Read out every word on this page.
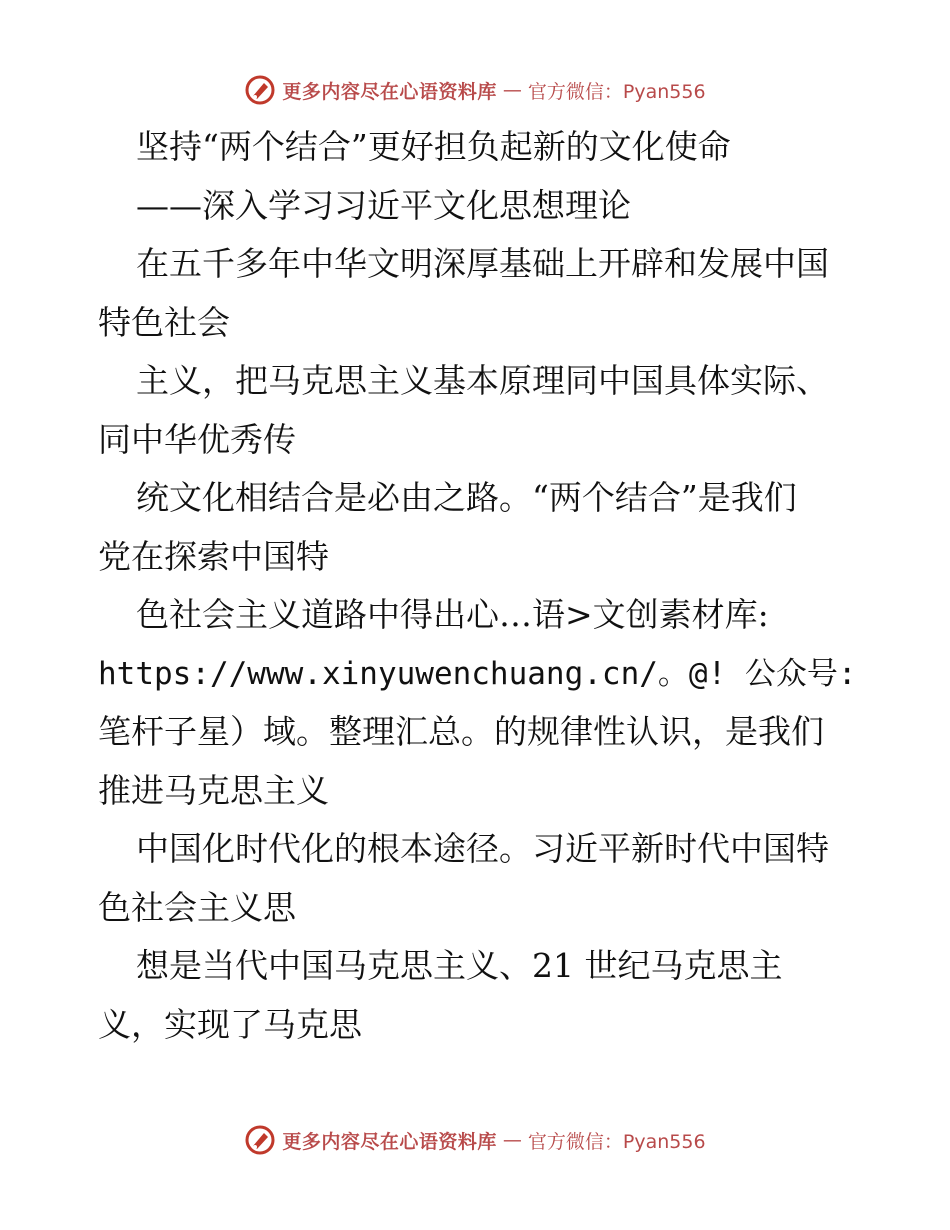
更多内容尽在心语资料库 — 官方微信：Pyan556
坚持“两个结合”更好担负起新的文化使命
——深入学习习近平文化思想理论
在五千多年中华文明深厚基础上开辟和发展中国
特色社会
主义，把马克思主义基本原理同中国具体实际、
同中华优秀传
统文化相结合是必由之路。“两个结合”是我们
党在探索中国特
色社会主义道路中得出心…语>文创素材库:
https://www.xinyuwenchuang.cn/。@! 公众号:
笔杆子星）域。整理汇总。的规律性认识，是我们
推进马克思主义
中国化时代化的根本途径。习近平新时代中国特
色社会主义思
想是当代中国马克思主义、21 世纪马克思主
义，实现了马克思
更多内容尽在心语资料库 — 官方微信：Pyan556
